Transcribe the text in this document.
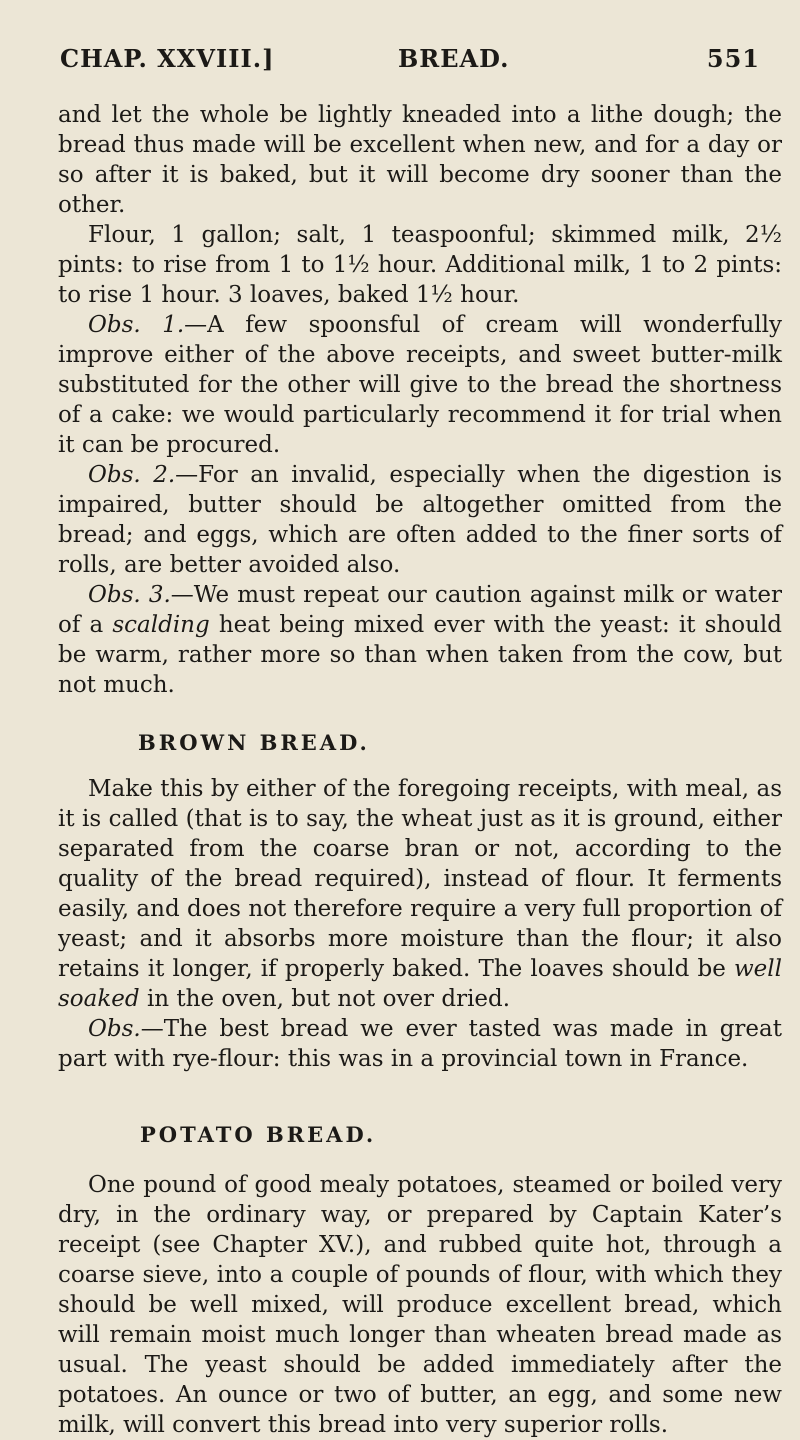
CHAP. XXVIII.]	BREAD.	551

and let the whole be lightly kneaded into a lithe dough; the bread thus made will be excellent when new, and for a day or so after it is baked, but it will become dry sooner than the other.

Flour, 1 gallon; salt, 1 teaspoonful; skimmed milk, 2½ pints: to rise from 1 to 1½ hour. Additional milk, 1 to 2 pints: to rise 1 hour. 3 loaves, baked 1½ hour.

Obs. 1.—A few spoonsful of cream will wonderfully improve either of the above receipts, and sweet butter-milk substituted for the other will give to the bread the shortness of a cake: we would particularly recommend it for trial when it can be procured.

Obs. 2.—For an invalid, especially when the digestion is impaired, butter should be altogether omitted from the bread; and eggs, which are often added to the finer sorts of rolls, are better avoided also.

Obs. 3.—We must repeat our caution against milk or water of a scalding heat being mixed ever with the yeast: it should be warm, rather more so than when taken from the cow, but not much.

BROWN BREAD.

Make this by either of the foregoing receipts, with meal, as it is called (that is to say, the wheat just as it is ground, either separated from the coarse bran or not, according to the quality of the bread required), instead of flour. It ferments easily, and does not therefore require a very full proportion of yeast; and it absorbs more moisture than the flour; it also retains it longer, if properly baked. The loaves should be well soaked in the oven, but not over dried.

Obs.—The best bread we ever tasted was made in great part with rye-flour: this was in a provincial town in France.

POTATO BREAD.

One pound of good mealy potatoes, steamed or boiled very dry, in the ordinary way, or prepared by Captain Kater’s receipt (see Chapter XV.), and rubbed quite hot, through a coarse sieve, into a couple of pounds of flour, with which they should be well mixed, will produce excellent bread, which will remain moist much longer than wheaten bread made as usual. The yeast should be added immediately after the potatoes. An ounce or two of butter, an egg, and some new milk, will convert this bread into very superior rolls.
